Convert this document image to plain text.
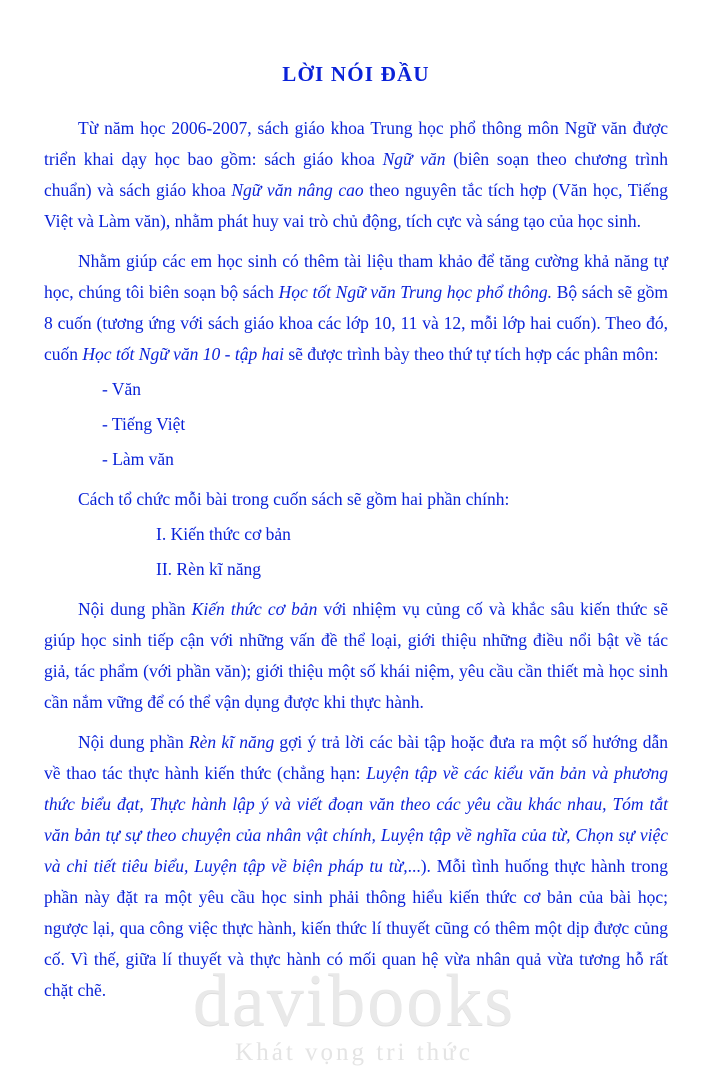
LỜI NÓI ĐẦU

Từ năm học 2006-2007, sách giáo khoa Trung học phổ thông môn Ngữ văn được triển khai dạy học bao gồm: sách giáo khoa Ngữ văn (biên soạn theo chương trình chuẩn) và sách giáo khoa Ngữ văn nâng cao theo nguyên tắc tích hợp (Văn học, Tiếng Việt và Làm văn), nhằm phát huy vai trò chủ động, tích cực và sáng tạo của học sinh.

Nhằm giúp các em học sinh có thêm tài liệu tham khảo để tăng cường khả năng tự học, chúng tôi biên soạn bộ sách Học tốt Ngữ văn Trung học phổ thông. Bộ sách sẽ gồm 8 cuốn (tương ứng với sách giáo khoa các lớp 10, 11 và 12, mỗi lớp hai cuốn). Theo đó, cuốn Học tốt Ngữ văn 10 - tập hai sẽ được trình bày theo thứ tự tích hợp các phân môn:

- Văn

- Tiếng Việt

- Làm văn

Cách tổ chức mỗi bài trong cuốn sách sẽ gồm hai phần chính:

I. Kiến thức cơ bản

II. Rèn kĩ năng

Nội dung phần Kiến thức cơ bản với nhiệm vụ củng cố và khắc sâu kiến thức sẽ giúp học sinh tiếp cận với những vấn đề thể loại, giới thiệu những điều nổi bật về tác giả, tác phẩm (với phần văn); giới thiệu một số khái niệm, yêu cầu cần thiết mà học sinh cần nắm vững để có thể vận dụng được khi thực hành.

Nội dung phần Rèn kĩ năng gợi ý trả lời các bài tập hoặc đưa ra một số hướng dẫn về thao tác thực hành kiến thức (chẳng hạn: Luyện tập về các kiểu văn bản và phương thức biểu đạt, Thực hành lập ý và viết đoạn văn theo các yêu cầu khác nhau, Tóm tắt văn bản tự sự theo chuyện của nhân vật chính, Luyện tập về nghĩa của từ, Chọn sự việc và chi tiết tiêu biểu, Luyện tập về biện pháp tu từ,...). Mỗi tình huống thực hành trong phần này đặt ra một yêu cầu học sinh phải thông hiểu kiến thức cơ bản của bài học; ngược lại, qua công việc thực hành, kiến thức lí thuyết cũng có thêm một dịp được củng cố. Vì thế, giữa lí thuyết và thực hành có mối quan hệ vừa nhân quả vừa tương hỗ rất chặt chẽ.	davibooks
Khát vọng tri thức
